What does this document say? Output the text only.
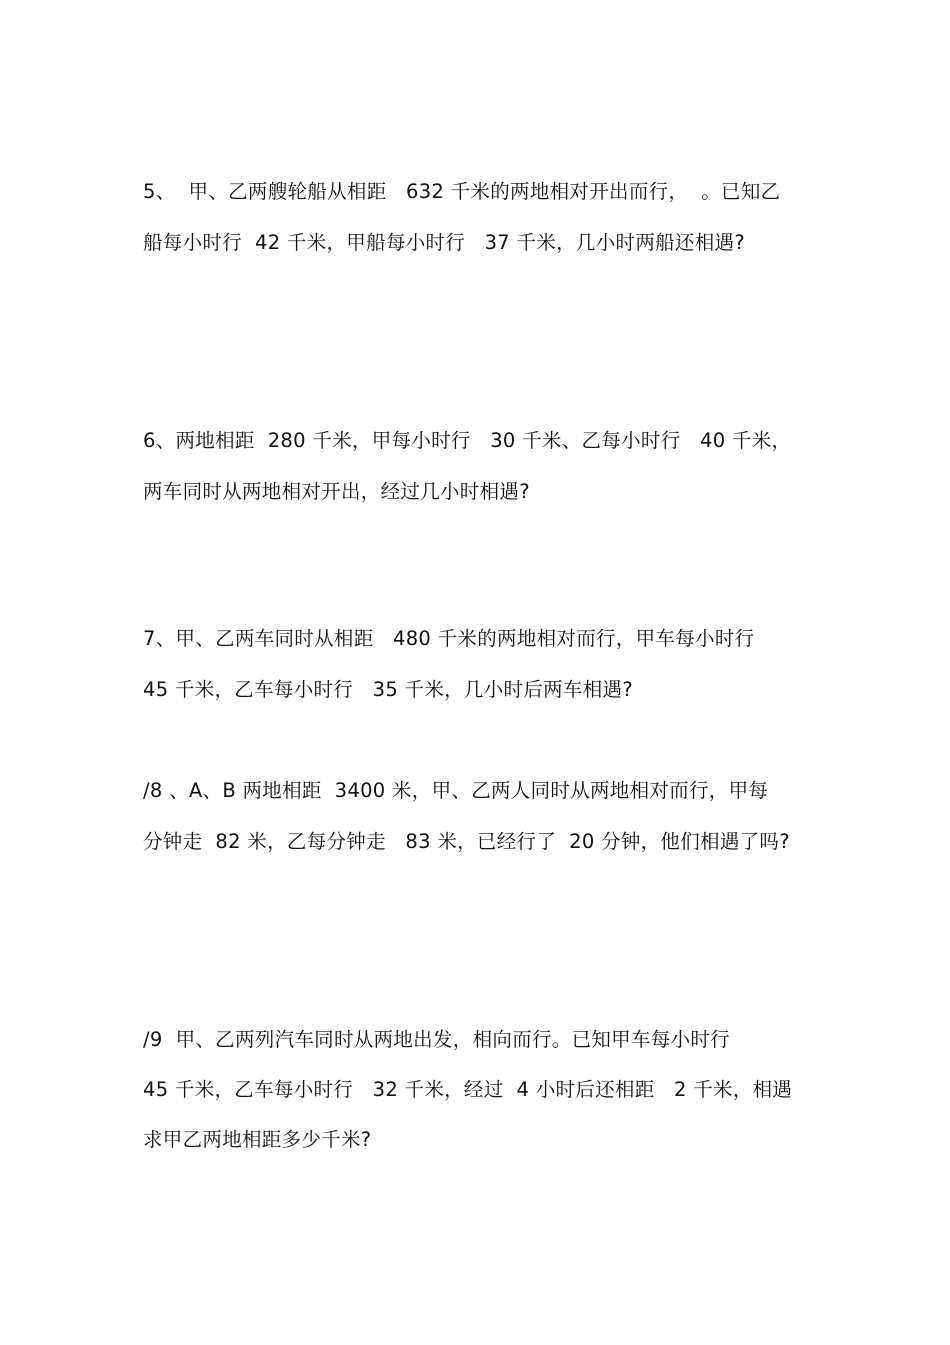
5、  甲、乙两艘轮船从相距   632 千米的两地相对开出而行，  。已知乙
船每小时行  42 千米，甲船每小时行   37 千米，几小时两船还相遇?
6、两地相距  280 千米，甲每小时行   30 千米、乙每小时行   40 千米，
两车同时从两地相对开出，经过几小时相遇?
7、甲、乙两车同时从相距   480 千米的两地相对而行，甲车每小时行
45 千米，乙车每小时行   35 千米，几小时后两车相遇?
/8 、A、B 两地相距  3400 米，甲、乙两人同时从两地相对而行，甲每
分钟走  82 米，乙每分钟走   83 米，已经行了  20 分钟，他们相遇了吗?
/9  甲、乙两列汽车同时从两地出发，相向而行。已知甲车每小时行
45 千米，乙车每小时行   32 千米，经过  4 小时后还相距   2 千米，相遇
求甲乙两地相距多少千米?
